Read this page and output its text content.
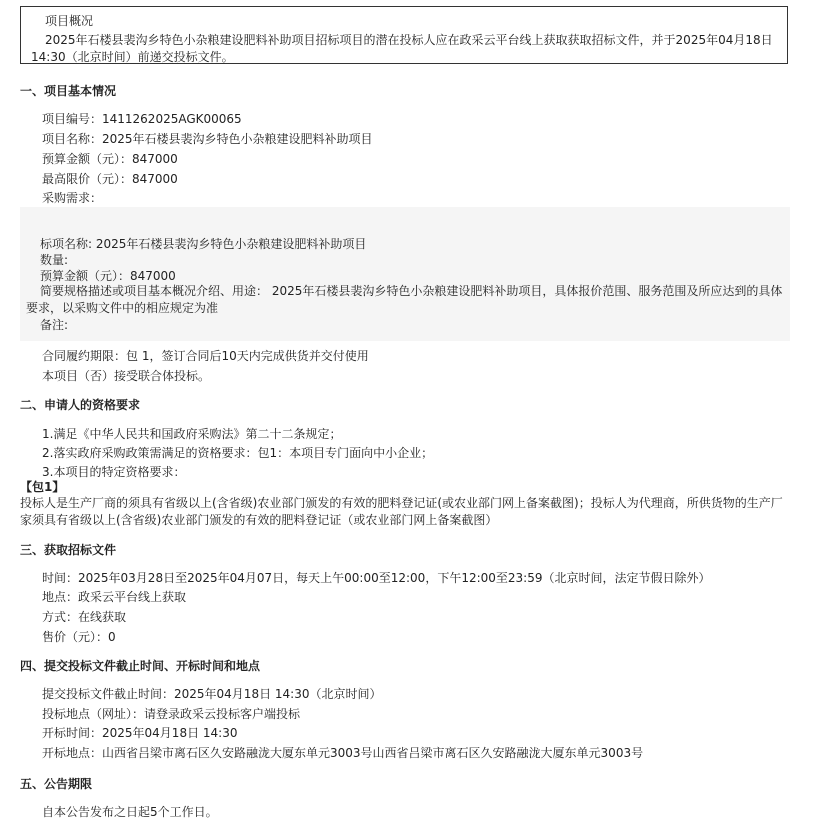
项目概况
2025年石楼县裴沟乡特色小杂粮建设肥料补助项目招标项目的潜在投标人应在政采云平台线上获取获取招标文件，并于2025年04月18日 14:30（北京时间）前递交投标文件。
一、项目基本情况
项目编号：1411262025AGK00065
项目名称：2025年石楼县裴沟乡特色小杂粮建设肥料补助项目
预算金额（元）：847000
最高限价（元）：847000
采购需求：
标项名称: 2025年石楼县裴沟乡特色小杂粮建设肥料补助项目
数量:
预算金额（元）：847000
简要规格描述或项目基本概况介绍、用途： 2025年石楼县裴沟乡特色小杂粮建设肥料补助项目，具体报价范围、服务范围及所应达到的具体要求，以采购文件中的相应规定为准
备注:
合同履约期限：包 1，签订合同后10天内完成供货并交付使用
本项目（否）接受联合体投标。
二、申请人的资格要求
1.满足《中华人民共和国政府采购法》第二十二条规定；
2.落实政府采购政策需满足的资格要求：包1：本项目专门面向中小企业；
3.本项目的特定资格要求：
【包1】
投标人是生产厂商的须具有省级以上(含省级)农业部门颁发的有效的肥料登记证(或农业部门网上备案截图)；投标人为代理商，所供货物的生产厂家须具有省级以上(含省级)农业部门颁发的有效的肥料登记证（或农业部门网上备案截图）
三、获取招标文件
时间：2025年03月28日至2025年04月07日，每天上午00:00至12:00，下午12:00至23:59（北京时间，法定节假日除外）
地点：政采云平台线上获取
方式：在线获取
售价（元）：0
四、提交投标文件截止时间、开标时间和地点
提交投标文件截止时间：2025年04月18日 14:30（北京时间）
投标地点（网址）：请登录政采云投标客户端投标
开标时间：2025年04月18日 14:30
开标地点：山西省吕梁市离石区久安路融泷大厦东单元3003号山西省吕梁市离石区久安路融泷大厦东单元3003号
五、公告期限
自本公告发布之日起5个工作日。
